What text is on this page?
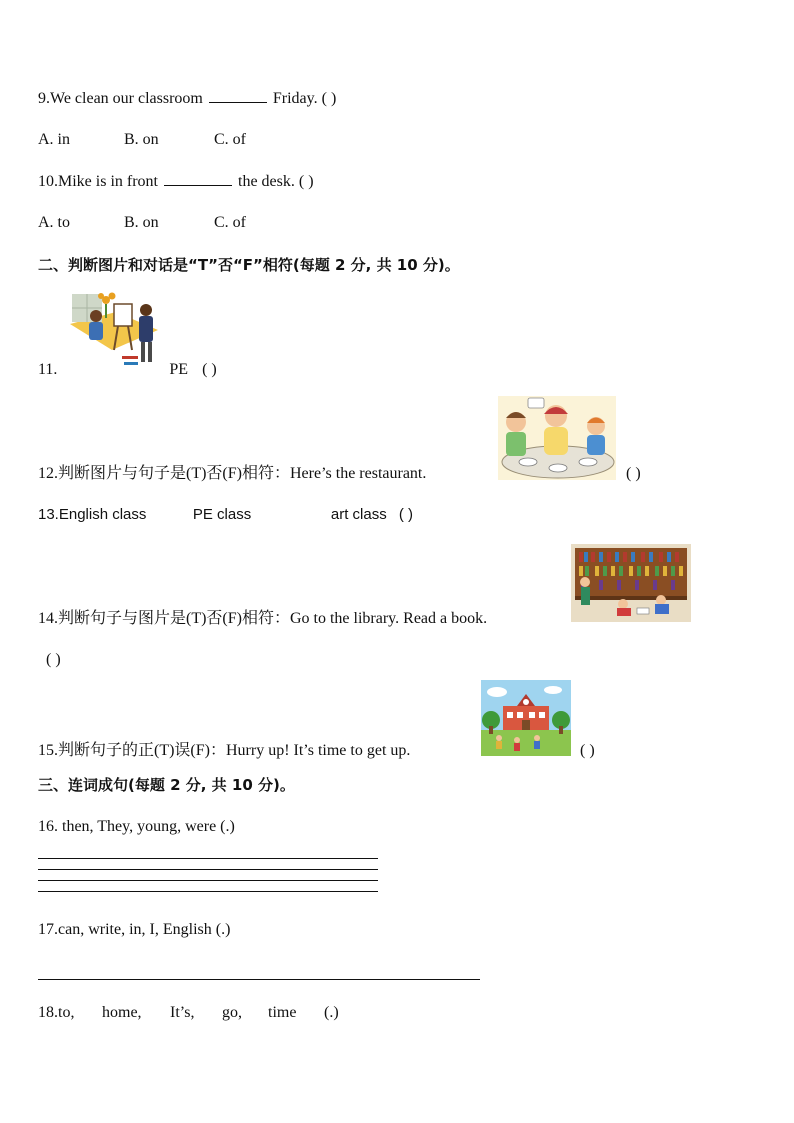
9.We clean our classroom	Friday. ( )
A. in	B. on	C. of
10.Mike is in front	the desk. ( )
A. to	B. on	C. of
二、判断图片和对话是“T”否“F”相符(每题 2 分, 共 10 分)。
11.	PE ( )
12.判断图片与句子是(T)否(F)相符：Here’s the restaurant.	( )
13.English class	PE class	art class ( )
14.判断句子与图片是(T)否(F)相符：Go to the library. Read a book.
( )
15.判断句子的正(T)误(F)：Hurry up! It’s time to get up.	( )
三、连词成句(每题 2 分, 共 10 分)。
16. then, They, young, were (.)
17.can, write, in, I, English (.)
18.to, home, It’s, go, time (.)
